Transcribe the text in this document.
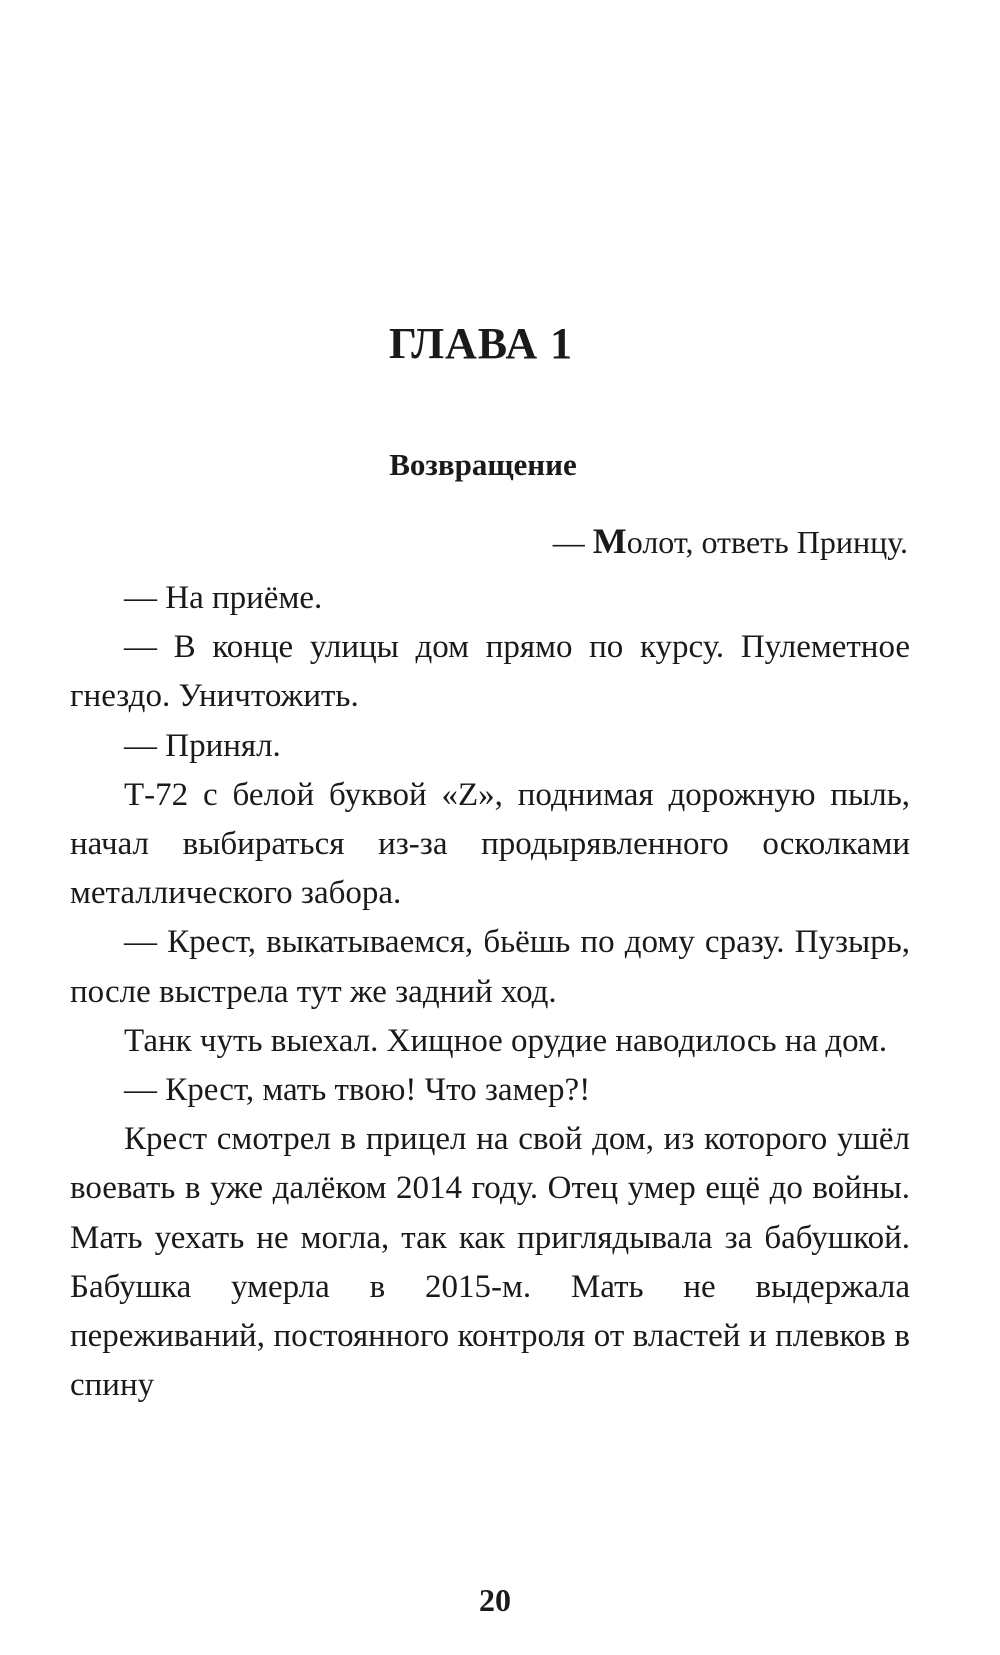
ГЛАВА 1
Возвращение

— Молот, ответь Принцу.

— На приёме.

— В конце улицы дом прямо по курсу. Пулеметное гнездо. Уничтожить.

— Принял.

Т-72 с белой буквой «Z», поднимая дорожную пыль, начал выбираться из-за продырявленного осколками металлического забора.

— Крест, выкатываемся, бьёшь по дому сразу. Пузырь, после выстрела тут же задний ход.

Танк чуть выехал. Хищное орудие наводилось на дом.

— Крест, мать твою! Что замер?!

Крест смотрел в прицел на свой дом, из которого ушёл воевать в уже далёком 2014 году. Отец умер ещё до войны. Мать уехать не могла, так как приглядывала за бабушкой. Бабушка умерла в 2015-м. Мать не выдержала переживаний, постоянного контроля от властей и плевков в спину

20
